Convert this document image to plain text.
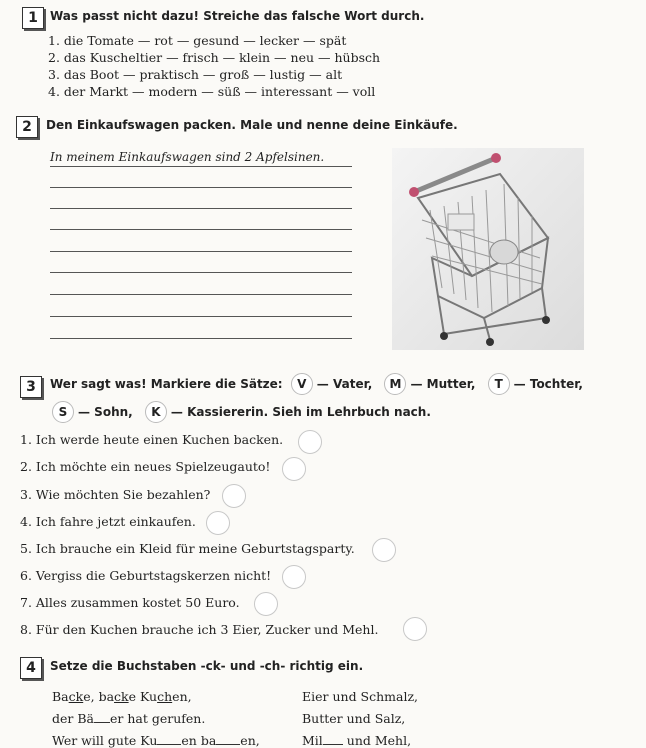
1	Was passt nicht dazu! Streiche das falsche Wort durch.
1. die Tomate — rot — gesund — lecker — spät
2. das Kuscheltier — frisch — klein — neu — hübsch
3. das Boot — praktisch — groß — lustig — alt
4. der Markt — modern — süß — interessant — voll
2	Den Einkaufswagen packen. Male und nenne deine Einkäufe.
In meinem Einkaufswagen sind 2 Apfelsinen.
3	Wer sagt was! Markiere die Sätze: V — Vater, M — Mutter, T — Tochter,
S — Sohn, K — Kassiererin. Sieh im Lehrbuch nach.
1. Ich werde heute einen Kuchen backen.
2. Ich möchte ein neues Spielzeugauto!
3. Wie möchten Sie bezahlen?
4. Ich fahre jetzt einkaufen.
5. Ich brauche ein Kleid für meine Geburtstagsparty.
6. Vergiss die Geburtstagskerzen nicht!
7. Alles zusammen kostet 50 Euro.
8. Für den Kuchen brauche ich 3 Eier, Zucker und Mehl.
4	Setze die Buchstaben -ck- und -ch- richtig ein.
Backe, backe Kuchen,
der Bä er hat gerufen.
Wer will gute Ku en ba en,
Eier und Schmalz,
Butter und Salz,
Mil und Mehl,
